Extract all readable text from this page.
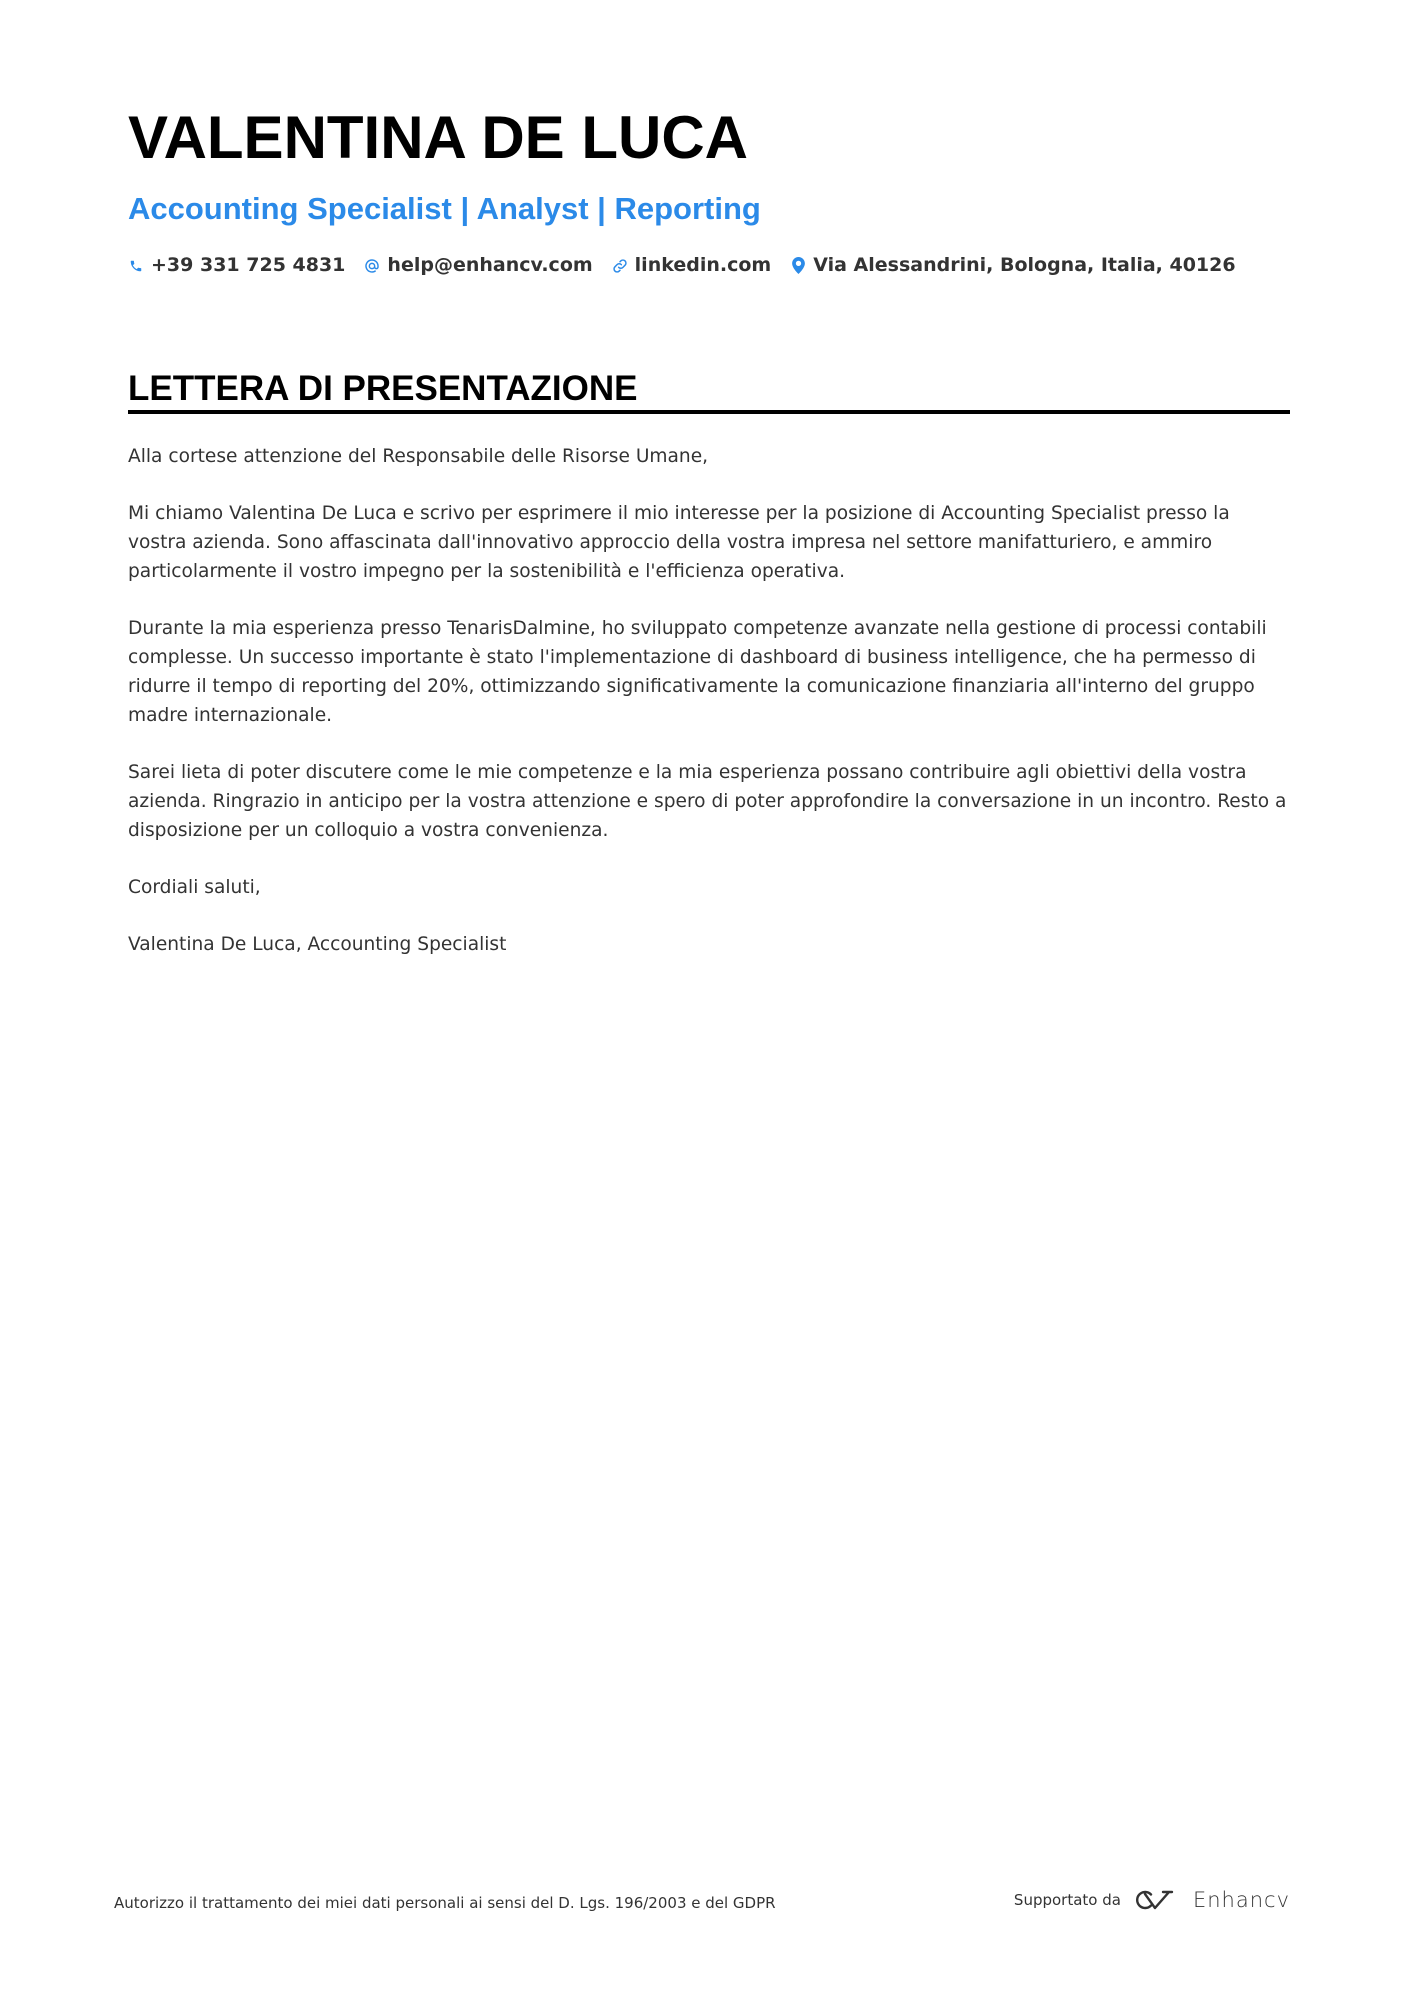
VALENTINA DE LUCA
Accounting Specialist | Analyst | Reporting
+39 331 725 4831 help@enhancv.com linkedin.com Via Alessandrini, Bologna, Italia, 40126
LETTERA DI PRESENTAZIONE

Alla cortese attenzione del Responsabile delle Risorse Umane,

Mi chiamo Valentina De Luca e scrivo per esprimere il mio interesse per la posizione di Accounting Specialist presso la vostra azienda. Sono affascinata dall'innovativo approccio della vostra impresa nel settore manifatturiero, e ammiro particolarmente il vostro impegno per la sostenibilità e l'efficienza operativa.

Durante la mia esperienza presso TenarisDalmine, ho sviluppato competenze avanzate nella gestione di processi contabili complesse. Un successo importante è stato l'implementazione di dashboard di business intelligence, che ha permesso di ridurre il tempo di reporting del 20%, ottimizzando significativamente la comunicazione finanziaria all'interno del gruppo madre internazionale.

Sarei lieta di poter discutere come le mie competenze e la mia esperienza possano contribuire agli obiettivi della vostra azienda. Ringrazio in anticipo per la vostra attenzione e spero di poter approfondire la conversazione in un incontro. Resto a disposizione per un colloquio a vostra convenienza.

Cordiali saluti,

Valentina De Luca, Accounting Specialist

Autorizzo il trattamento dei miei dati personali ai sensi del D. Lgs. 196/2003 e del GDPR	Supportato da	Enhancv
